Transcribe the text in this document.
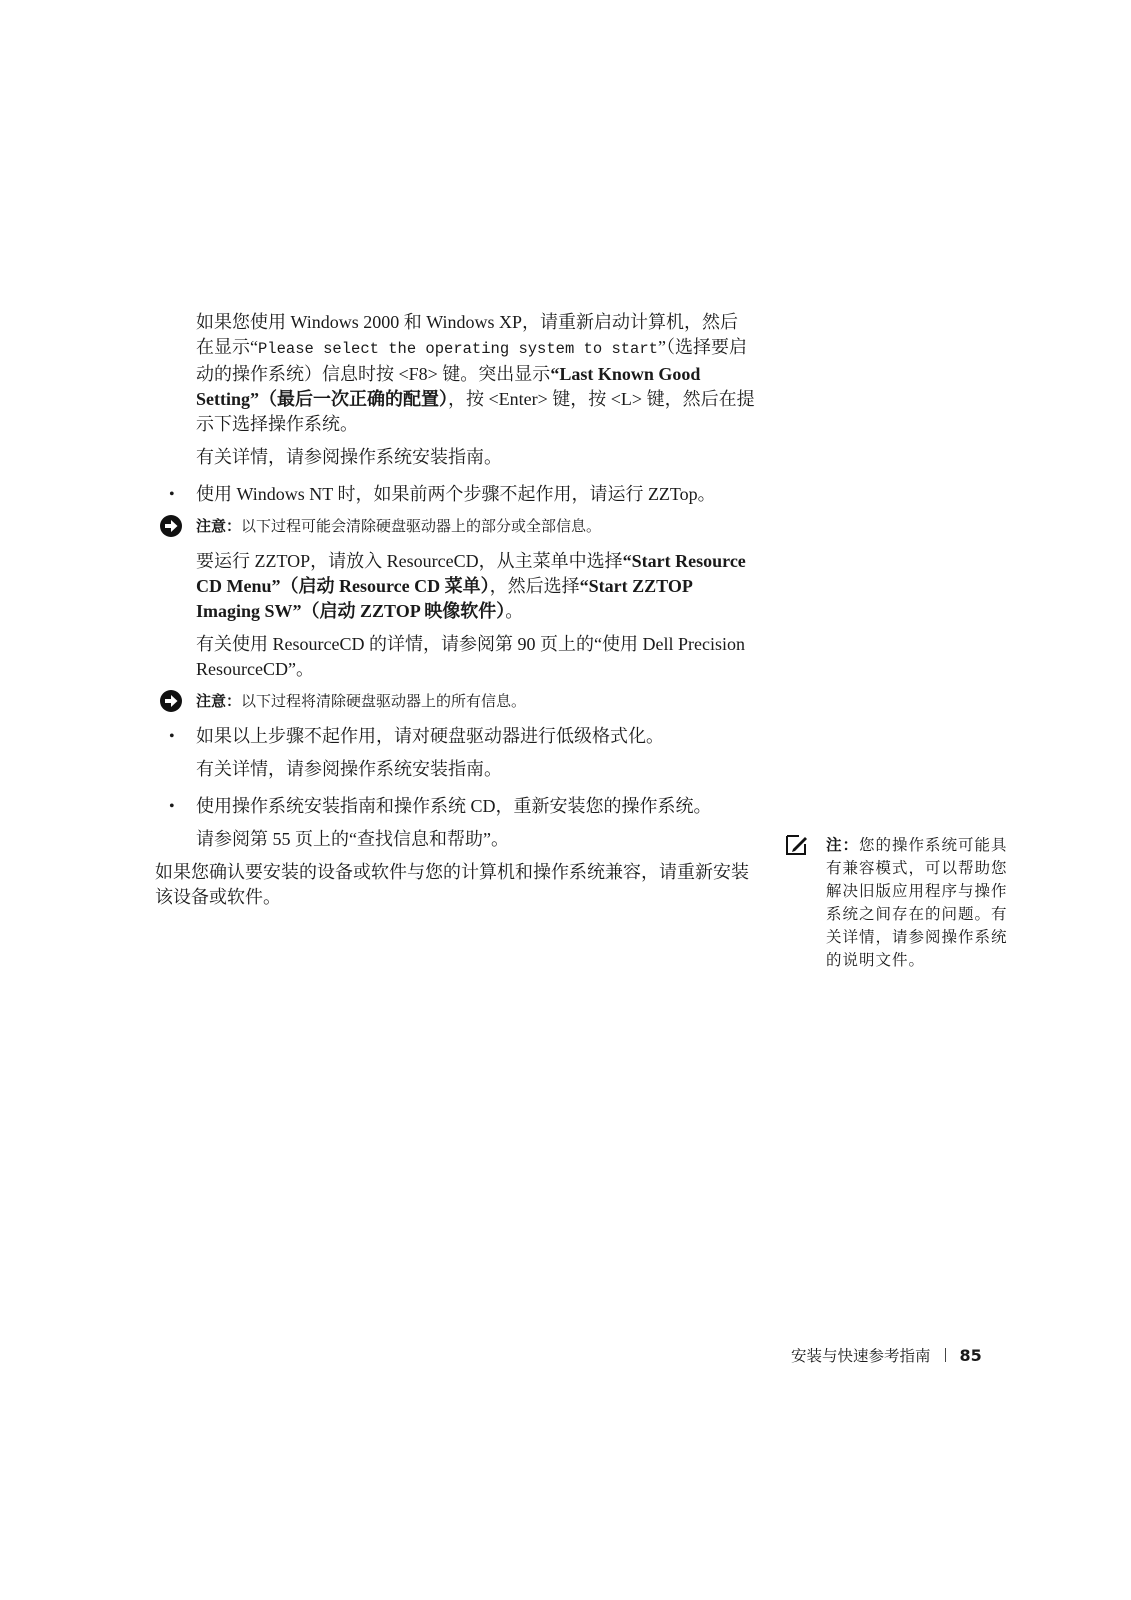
如果您使用 Windows 2000 和 Windows XP，请重新启动计算机，然后在显示“Please select the operating system to start”（选择要启动的操作系统）信息时按 <F8> 键。突出显示“Last Known Good Setting”（最后一次正确的配置），按 <Enter> 键，按 <L> 键，然后在提示下选择操作系统。

有关详情，请参阅操作系统安装指南。

• 使用 Windows NT 时，如果前两个步骤不起作用，请运行 ZZTop。
注意：以下过程可能会清除硬盘驱动器上的部分或全部信息。

要运行 ZZTOP，请放入 ResourceCD，从主菜单中选择“Start Resource CD Menu”（启动 Resource CD 菜单），然后选择“Start ZZTOP Imaging SW”（启动 ZZTOP 映像软件）。

有关使用 ResourceCD 的详情，请参阅第 90 页上的“使用 Dell Precision ResourceCD”。

注意：以下过程将清除硬盘驱动器上的所有信息。
• 如果以上步骤不起作用，请对硬盘驱动器进行低级格式化。

有关详情，请参阅操作系统安装指南。

• 使用操作系统安装指南和操作系统 CD，重新安装您的操作系统。

请参阅第 55 页上的“查找信息和帮助”。

如果您确认要安装的设备或软件与您的计算机和操作系统兼容，请重新安装该设备或软件。

注：您的操作系统可能具有兼容模式，可以帮助您解决旧版应用程序与操作系统之间存在的问题。有关详情，请参阅操作系统的说明文件。
安装与快速参考指南 85
